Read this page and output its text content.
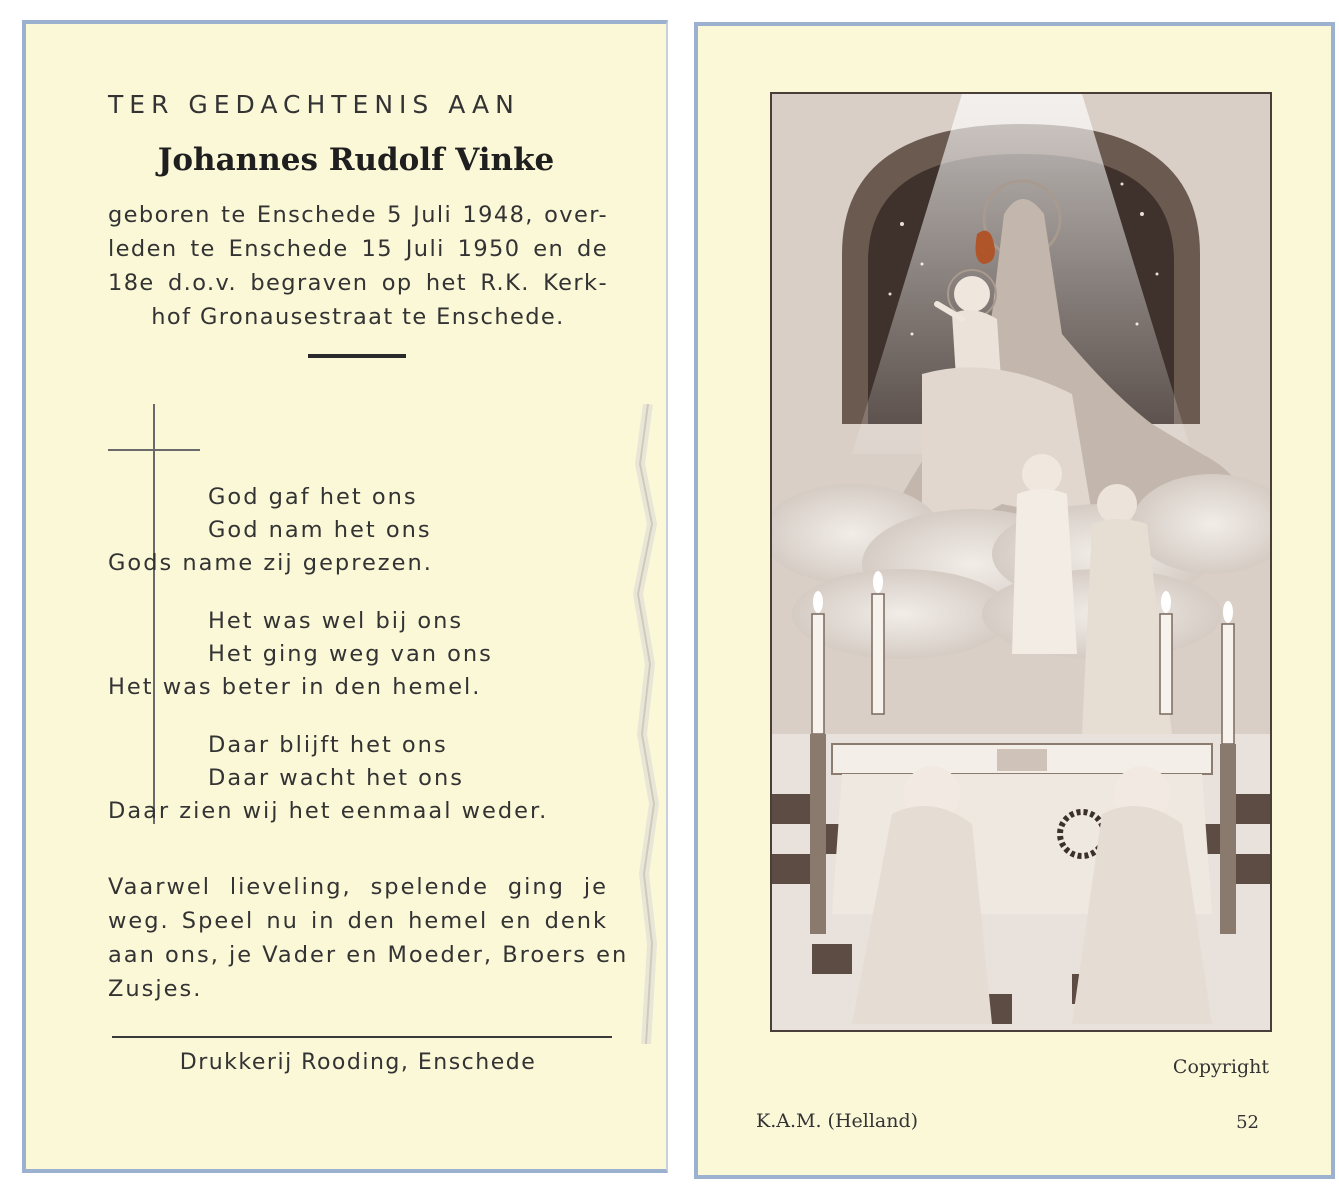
TER GEDACHTENIS AAN

Johannes Rudolf Vinke

geboren te Enschede 5 Juli 1948, over-

leden te Enschede 15 Juli 1950 en de

18e d.o.v. begraven op het R.K. Kerk-

hof Gronausestraat te Enschede.

God gaf het ons

God nam het ons

Gods name zij geprezen.

Het was wel bij ons

Het ging weg van ons

Het was beter in den hemel.

Daar blijft het ons

Daar wacht het ons

Daar zien wij het eenmaal weder.

Vaarwel lieveling, spelende ging je

weg. Speel nu in den hemel en denk

aan ons, je Vader en Moeder, Broers en

Zusjes.

Drukkerij Rooding, Enschede	Copyright

K.A.M. (Helland)	52
